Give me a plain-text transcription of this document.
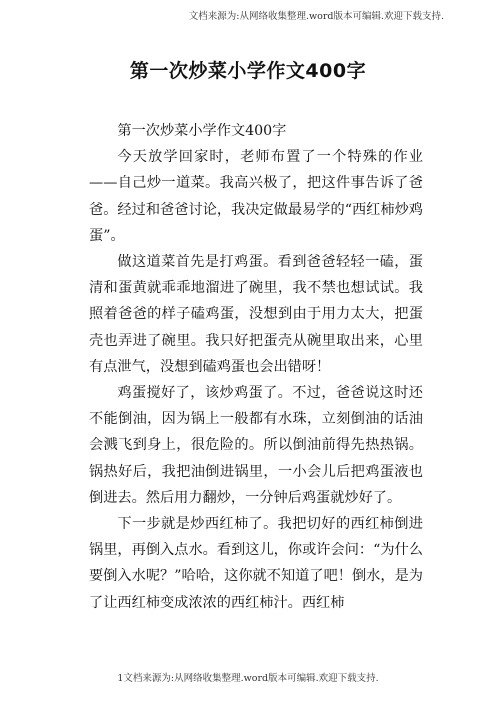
文档来源为:从网络收集整理.word版本可编辑.欢迎下载支持.
第一次炒菜小学作文400字

第一次炒菜小学作文400字

今天放学回家时，老师布置了一个特殊的作业——自己炒一道菜。我高兴极了，把这件事告诉了爸爸。经过和爸爸讨论，我决定做最易学的“西红柿炒鸡蛋”。

做这道菜首先是打鸡蛋。看到爸爸轻轻一磕，蛋清和蛋黄就乖乖地溜进了碗里，我不禁也想试试。我照着爸爸的样子磕鸡蛋，没想到由于用力太大，把蛋壳也弄进了碗里。我只好把蛋壳从碗里取出来，心里有点泄气，没想到磕鸡蛋也会出错呀！

鸡蛋搅好了，该炒鸡蛋了。不过，爸爸说这时还不能倒油，因为锅上一般都有水珠，立刻倒油的话油会溅飞到身上，很危险的。所以倒油前得先热热锅。锅热好后，我把油倒进锅里，一小会儿后把鸡蛋液也倒进去。然后用力翻炒，一分钟后鸡蛋就炒好了。

下一步就是炒西红柿了。我把切好的西红柿倒进锅里，再倒入点水。看到这儿，你或许会问：“为什么要倒入水呢？”哈哈，这你就不知道了吧！倒水，是为了让西红柿变成浓浓的西红柿汁。西红柿

1文档来源为:从网络收集整理.word版本可编辑.欢迎下载支持.
